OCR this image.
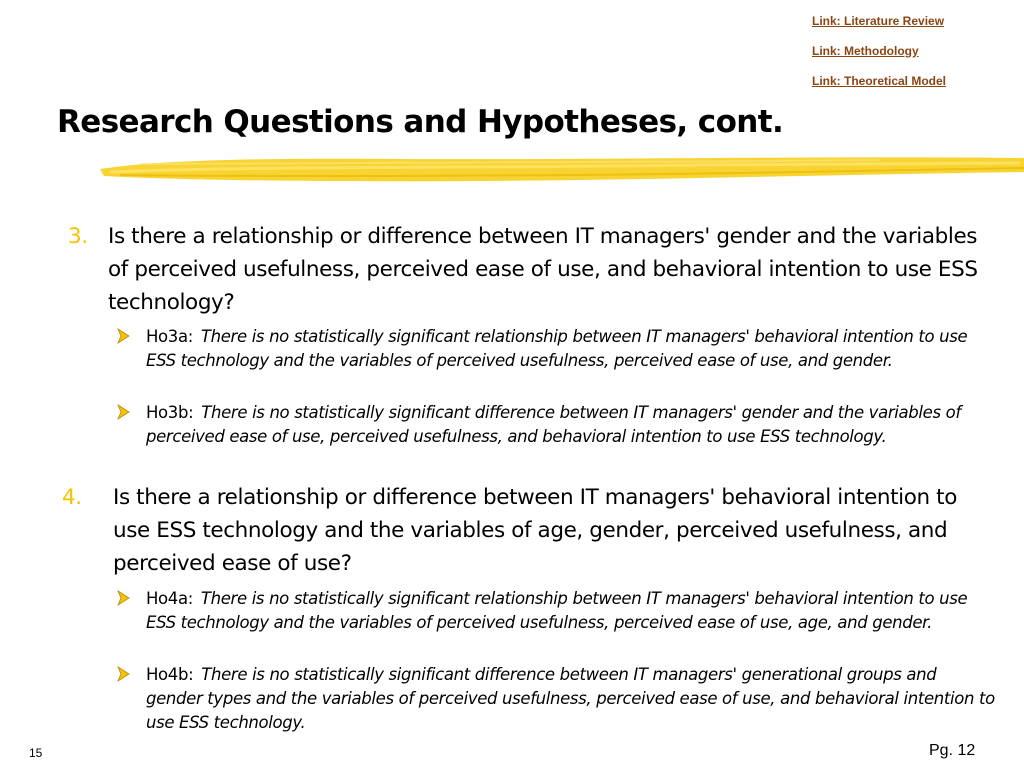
Link: Literature Review
Link: Methodology
Link: Theoretical Model
Research Questions and Hypotheses, cont.
3. Is there a relationship or difference between IT managers' gender and the variables of perceived usefulness, perceived ease of use, and behavioral intention to use ESS technology?
Ho3a: There is no statistically significant relationship between IT managers' behavioral intention to use ESS technology and the variables of perceived usefulness, perceived ease of use, and gender.
Ho3b: There is no statistically significant difference between IT managers' gender and the variables of perceived ease of use, perceived usefulness, and behavioral intention to use ESS technology.
4. Is there a relationship or difference between IT managers' behavioral intention to use ESS technology and the variables of age, gender, perceived usefulness, and perceived ease of use?
Ho4a: There is no statistically significant relationship between IT managers' behavioral intention to use ESS technology and the variables of perceived usefulness, perceived ease of use, age, and gender.
Ho4b: There is no statistically significant difference between IT managers' generational groups and gender types and the variables of perceived usefulness, perceived ease of use, and behavioral intention to use ESS technology.
15	Pg. 12
